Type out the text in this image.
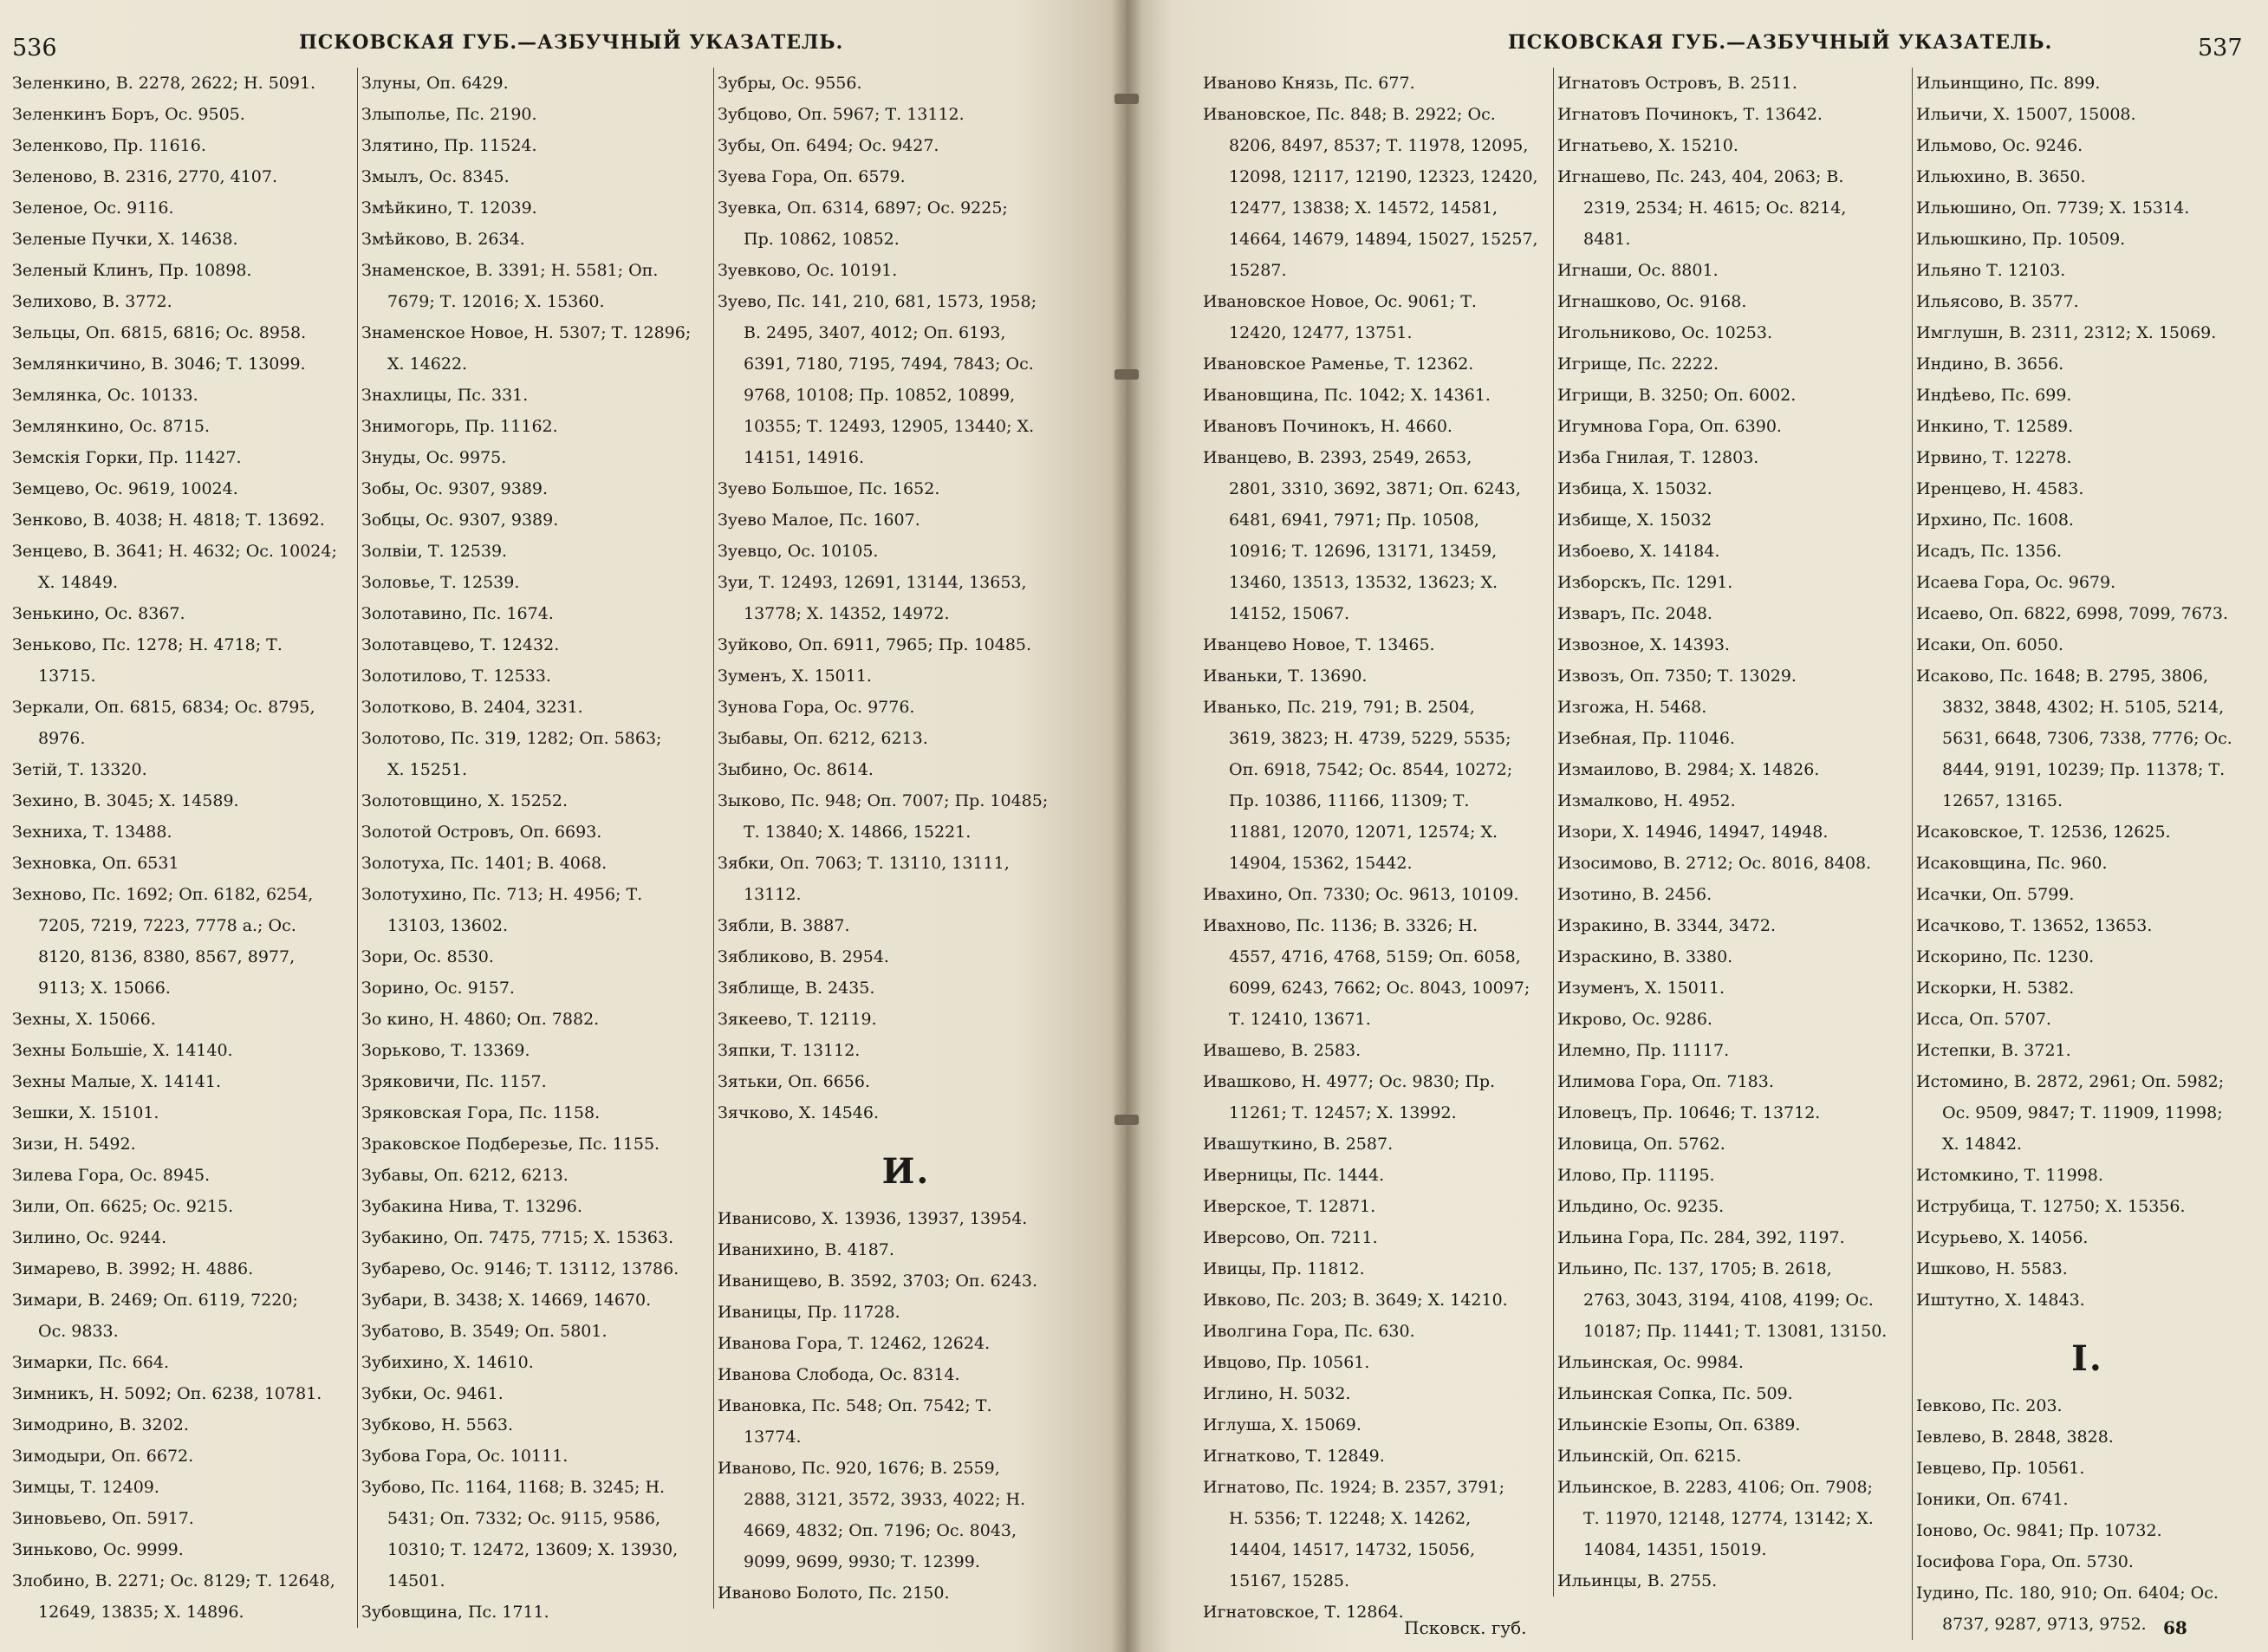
536	ПСКОВСКАЯ ГУБ.—АЗБУЧНЫЙ УКАЗАТЕЛЬ.
Зеленкино, В. 2278, 2622; Н. 5091.
Зеленкинъ Боръ, Ос. 9505.
Зеленково, Пр. 11616.
Зеленово, В. 2316, 2770, 4107.
Зеленое, Ос. 9116.
Зеленые Пучки, Х. 14638.
Зеленый Клинъ, Пр. 10898.
Зелихово, В. 3772.
Зельцы, Оп. 6815, 6816; Ос. 8958.
Землянкичино, В. 3046; Т. 13099.
Землянка, Ос. 10133.
Землянкино, Ос. 8715.
Земскія Горки, Пр. 11427.
Земцево, Ос. 9619, 10024.
Зенково, В. 4038; Н. 4818; Т. 13692.
Зенцево, В. 3641; Н. 4632; Ос. 10024;
Х. 14849.
Зенькино, Ос. 8367.
Зеньково, Пс. 1278; Н. 4718; Т.
13715.
Зеркали, Оп. 6815, 6834; Ос. 8795,
8976.
Зетій, Т. 13320.
Зехино, В. 3045; Х. 14589.
Зехниха, Т. 13488.
Зехновка, Оп. 6531
Зехново, Пс. 1692; Оп. 6182, 6254,
7205, 7219, 7223, 7778 а.; Ос.
8120, 8136, 8380, 8567, 8977,
9113; Х. 15066.
Зехны, Х. 15066.
Зехны Большіе, Х. 14140.
Зехны Малые, Х. 14141.
Зешки, Х. 15101.
Зизи, Н. 5492.
Зилева Гора, Ос. 8945.
Зили, Оп. 6625; Ос. 9215.
Зилино, Ос. 9244.
Зимарево, В. 3992; Н. 4886.
Зимари, В. 2469; Оп. 6119, 7220;
Ос. 9833.
Зимарки, Пс. 664.
Зимникъ, Н. 5092; Оп. 6238, 10781.
Зимодрино, В. 3202.
Зимодыри, Оп. 6672.
Зимцы, Т. 12409.
Зиновьево, Оп. 5917.
Зиньково, Ос. 9999.
Злобино, В. 2271; Ос. 8129; Т. 12648,
12649, 13835; Х. 14896.
Злуны, Оп. 6429.
Злыполье, Пс. 2190.
Злятино, Пр. 11524.
Змылъ, Ос. 8345.
Змѣйкино, Т. 12039.
Змѣйково, В. 2634.
Знаменское, В. 3391; Н. 5581; Оп.
7679; Т. 12016; Х. 15360.
Знаменское Новое, Н. 5307; Т. 12896;
Х. 14622.
Знахлицы, Пс. 331.
Знимогорь, Пр. 11162.
Знуды, Ос. 9975.
Зобы, Ос. 9307, 9389.
Зобцы, Ос. 9307, 9389.
Золвіи, Т. 12539.
Золовье, Т. 12539.
Золотавино, Пс. 1674.
Золотавцево, Т. 12432.
Золотилово, Т. 12533.
Золотково, В. 2404, 3231.
Золотово, Пс. 319, 1282; Оп. 5863;
Х. 15251.
Золотовщино, Х. 15252.
Золотой Островъ, Оп. 6693.
Золотуха, Пс. 1401; В. 4068.
Золотухино, Пс. 713; Н. 4956; Т.
13103, 13602.
Зори, Ос. 8530.
Зорино, Ос. 9157.
Зо кино, Н. 4860; Оп. 7882.
Зорьково, Т. 13369.
Зряковичи, Пс. 1157.
Зряковская Гора, Пс. 1158.
Зраковское Подберезье, Пс. 1155.
Зубавы, Оп. 6212, 6213.
Зубакина Нива, Т. 13296.
Зубакино, Оп. 7475, 7715; Х. 15363.
Зубарево, Ос. 9146; Т. 13112, 13786.
Зубари, В. 3438; Х. 14669, 14670.
Зубатово, В. 3549; Оп. 5801.
Зубихино, Х. 14610.
Зубки, Ос. 9461.
Зубково, Н. 5563.
Зубова Гора, Ос. 10111.
Зубово, Пс. 1164, 1168; В. 3245; Н.
5431; Оп. 7332; Ос. 9115, 9586,
10310; Т. 12472, 13609; Х. 13930,
14501.
Зубовщина, Пс. 1711.
Зубры, Ос. 9556.
Зубцово, Оп. 5967; Т. 13112.
Зубы, Оп. 6494; Ос. 9427.
Зуева Гора, Оп. 6579.
Зуевка, Оп. 6314, 6897; Ос. 9225;
Пр. 10862, 10852.
Зуевково, Ос. 10191.
Зуево, Пс. 141, 210, 681, 1573, 1958;
В. 2495, 3407, 4012; Оп. 6193,
6391, 7180, 7195, 7494, 7843; Ос.
9768, 10108; Пр. 10852, 10899,
10355; Т. 12493, 12905, 13440; Х.
14151, 14916.
Зуево Большое, Пс. 1652.
Зуево Малое, Пс. 1607.
Зуевцо, Ос. 10105.
Зуи, Т. 12493, 12691, 13144, 13653,
13778; Х. 14352, 14972.
Зуйково, Оп. 6911, 7965; Пр. 10485.
Зуменъ, Х. 15011.
Зунова Гора, Ос. 9776.
Зыбавы, Оп. 6212, 6213.
Зыбино, Ос. 8614.
Зыково, Пс. 948; Оп. 7007; Пр. 10485;
Т. 13840; Х. 14866, 15221.
Зябки, Оп. 7063; Т. 13110, 13111,
13112.
Зябли, В. 3887.
Зябликово, В. 2954.
Зяблище, В. 2435.
Зякеево, Т. 12119.
Зяпки, Т. 13112.
Зятьки, Оп. 6656.
Зячково, Х. 14546.
И.
Иванисово, Х. 13936, 13937, 13954.
Иванихино, В. 4187.
Иванищево, В. 3592, 3703; Оп. 6243.
Иваницы, Пр. 11728.
Иванова Гора, Т. 12462, 12624.
Иванова Слобода, Ос. 8314.
Ивановка, Пс. 548; Оп. 7542; Т.
13774.
Иваново, Пс. 920, 1676; В. 2559,
2888, 3121, 3572, 3933, 4022; Н.
4669, 4832; Оп. 7196; Ос. 8043,
9099, 9699, 9930; Т. 12399.
Иваново Болото, Пс. 2150.
ПСКОВСКАЯ ГУБ.—АЗБУЧНЫЙ УКАЗАТЕЛЬ.	537
Иваново Князь, Пс. 677.
Ивановское, Пс. 848; В. 2922; Ос.
8206, 8497, 8537; Т. 11978, 12095,
12098, 12117, 12190, 12323, 12420,
12477, 13838; Х. 14572, 14581,
14664, 14679, 14894, 15027, 15257,
15287.
Ивановское Новое, Ос. 9061; Т.
12420, 12477, 13751.
Ивановское Раменье, Т. 12362.
Ивановщина, Пс. 1042; Х. 14361.
Ивановъ Починокъ, Н. 4660.
Иванцево, В. 2393, 2549, 2653,
2801, 3310, 3692, 3871; Оп. 6243,
6481, 6941, 7971; Пр. 10508,
10916; Т. 12696, 13171, 13459,
13460, 13513, 13532, 13623; Х.
14152, 15067.
Иванцево Новое, Т. 13465.
Иваньки, Т. 13690.
Иванько, Пс. 219, 791; В. 2504,
3619, 3823; Н. 4739, 5229, 5535;
Оп. 6918, 7542; Ос. 8544, 10272;
Пр. 10386, 11166, 11309; Т.
11881, 12070, 12071, 12574; Х.
14904, 15362, 15442.
Ивахино, Оп. 7330; Ос. 9613, 10109.
Ивахново, Пс. 1136; В. 3326; Н.
4557, 4716, 4768, 5159; Оп. 6058,
6099, 6243, 7662; Ос. 8043, 10097;
Т. 12410, 13671.
Ивашево, В. 2583.
Ивашково, Н. 4977; Ос. 9830; Пр.
11261; Т. 12457; Х. 13992.
Ивашуткино, В. 2587.
Иверницы, Пс. 1444.
Иверское, Т. 12871.
Иверсово, Оп. 7211.
Ивицы, Пр. 11812.
Ивково, Пс. 203; В. 3649; Х. 14210.
Иволгина Гора, Пс. 630.
Ивцово, Пр. 10561.
Иглино, Н. 5032.
Иглуша, Х. 15069.
Игнатково, Т. 12849.
Игнатово, Пс. 1924; В. 2357, 3791;
Н. 5356; Т. 12248; Х. 14262,
14404, 14517, 14732, 15056,
15167, 15285.
Игнатовское, Т. 12864.
Игнатовъ Островъ, В. 2511.
Игнатовъ Починокъ, Т. 13642.
Игнатьево, Х. 15210.
Игнашево, Пс. 243, 404, 2063; В.
2319, 2534; Н. 4615; Ос. 8214,
8481.
Игнаши, Ос. 8801.
Игнашково, Ос. 9168.
Игольниково, Ос. 10253.
Игрище, Пс. 2222.
Игрищи, В. 3250; Оп. 6002.
Игумнова Гора, Оп. 6390.
Изба Гнилая, Т. 12803.
Избица, Х. 15032.
Избище, Х. 15032
Избоево, Х. 14184.
Изборскъ, Пс. 1291.
Изваръ, Пс. 2048.
Извозное, Х. 14393.
Извозъ, Оп. 7350; Т. 13029.
Изгожа, Н. 5468.
Изебная, Пр. 11046.
Измаилово, В. 2984; Х. 14826.
Измалково, Н. 4952.
Изори, Х. 14946, 14947, 14948.
Изосимово, В. 2712; Ос. 8016, 8408.
Изотино, В. 2456.
Изракино, В. 3344, 3472.
Израскино, В. 3380.
Изуменъ, Х. 15011.
Икрово, Ос. 9286.
Илемно, Пр. 11117.
Илимова Гора, Оп. 7183.
Иловецъ, Пр. 10646; Т. 13712.
Иловица, Оп. 5762.
Илово, Пр. 11195.
Ильдино, Ос. 9235.
Ильина Гора, Пс. 284, 392, 1197.
Ильино, Пс. 137, 1705; В. 2618,
2763, 3043, 3194, 4108, 4199; Ос.
10187; Пр. 11441; Т. 13081, 13150.
Ильинская, Ос. 9984.
Ильинская Сопка, Пс. 509.
Ильинскіе Езопы, Оп. 6389.
Ильинскій, Оп. 6215.
Ильинское, В. 2283, 4106; Оп. 7908;
Т. 11970, 12148, 12774, 13142; Х.
14084, 14351, 15019.
Ильинцы, В. 2755.
Ильинщино, Пс. 899.
Ильичи, Х. 15007, 15008.
Ильмово, Ос. 9246.
Ильюхино, В. 3650.
Ильюшино, Оп. 7739; Х. 15314.
Ильюшкино, Пр. 10509.
Ильяно Т. 12103.
Ильясово, В. 3577.
Имглушн, В. 2311, 2312; Х. 15069.
Индино, В. 3656.
Индѣево, Пс. 699.
Инкино, Т. 12589.
Ирвино, Т. 12278.
Иренцево, Н. 4583.
Ирхино, Пс. 1608.
Исадъ, Пс. 1356.
Исаева Гора, Ос. 9679.
Исаево, Оп. 6822, 6998, 7099, 7673.
Исаки, Оп. 6050.
Исаково, Пс. 1648; В. 2795, 3806,
3832, 3848, 4302; Н. 5105, 5214,
5631, 6648, 7306, 7338, 7776; Ос.
8444, 9191, 10239; Пр. 11378; Т.
12657, 13165.
Исаковское, Т. 12536, 12625.
Исаковщина, Пс. 960.
Исачки, Оп. 5799.
Исачково, Т. 13652, 13653.
Искорино, Пс. 1230.
Искорки, Н. 5382.
Исса, Оп. 5707.
Истепки, В. 3721.
Истомино, В. 2872, 2961; Оп. 5982;
Ос. 9509, 9847; Т. 11909, 11998;
Х. 14842.
Истомкино, Т. 11998.
Иструбица, Т. 12750; Х. 15356.
Исурьево, Х. 14056.
Ишково, Н. 5583.
Иштутно, Х. 14843.
І.
Іевково, Пс. 203.
Іевлево, В. 2848, 3828.
Іевцево, Пр. 10561.
Іоники, Оп. 6741.
Іоново, Ос. 9841; Пр. 10732.
Іосифова Гора, Оп. 5730.
Іудино, Пс. 180, 910; Оп. 6404; Ос.
8737, 9287, 9713, 9752.
Псковск. губ.	68
